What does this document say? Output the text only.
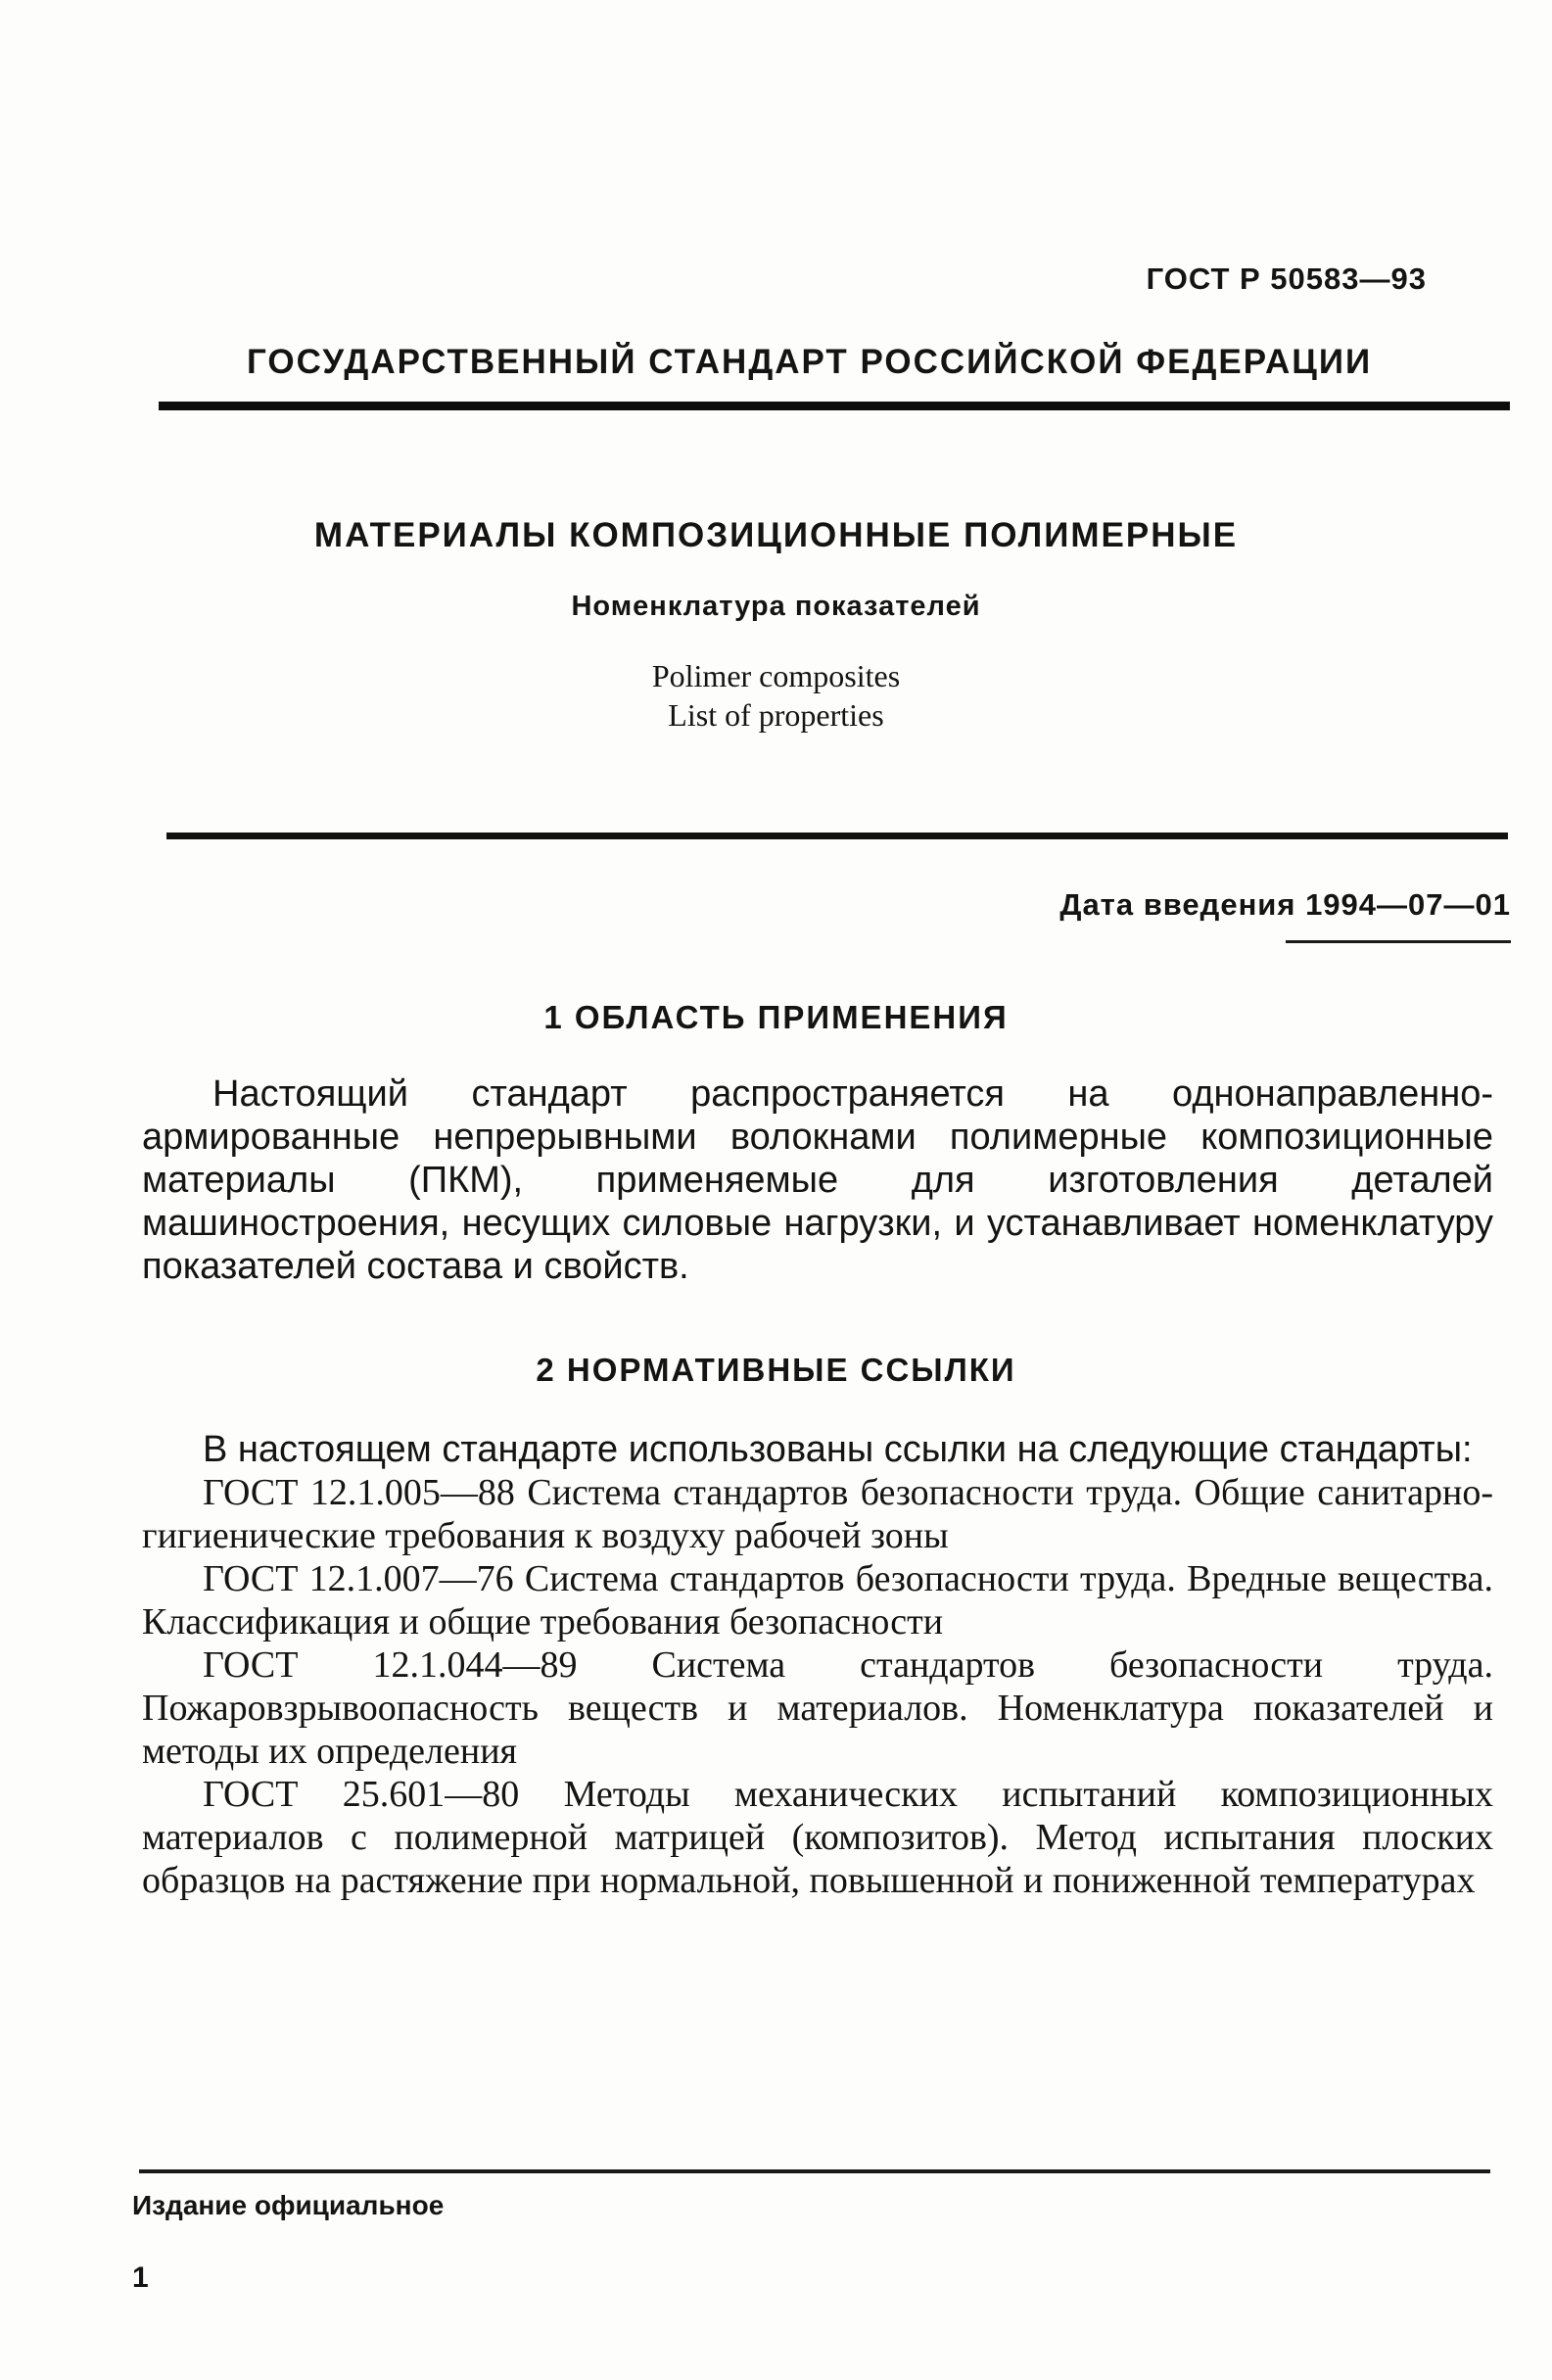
ГОСТ Р 50583—93
ГОСУДАРСТВЕННЫЙ СТАНДАРТ РОССИЙСКОЙ ФЕДЕРАЦИИ
МАТЕРИАЛЫ КОМПОЗИЦИОННЫЕ ПОЛИМЕРНЫЕ
Номенклатура показателей
Polimer composites
List of properties
Дата введения 1994—07—01
1 ОБЛАСТЬ ПРИМЕНЕНИЯ

Настоящий стандарт распространяется на однонаправленно-армированные непрерывными волокнами полимерные композиционные материалы (ПКМ), применяемые для изготовления деталей машиностроения, несущих силовые нагрузки, и устанавливает номенклатуру показателей состава и свойств.

2 НОРМАТИВНЫЕ ССЫЛКИ

В настоящем стандарте использованы ссылки на следующие стандарты:

ГОСТ 12.1.005—88 Система стандартов безопасности труда. Общие санитарно-гигиенические требования к воздуху рабочей зоны

ГОСТ 12.1.007—76 Система стандартов безопасности труда. Вредные вещества. Классификация и общие требования безопасности

ГОСТ 12.1.044—89 Система стандартов безопасности труда. Пожаровзрывоопасность веществ и материалов. Номенклатура показателей и методы их определения

ГОСТ 25.601—80 Методы механических испытаний композиционных материалов с полимерной матрицей (композитов). Метод испытания плоских образцов на растяжение при нормальной, повышенной и пониженной температурах

Издание официальное
1
